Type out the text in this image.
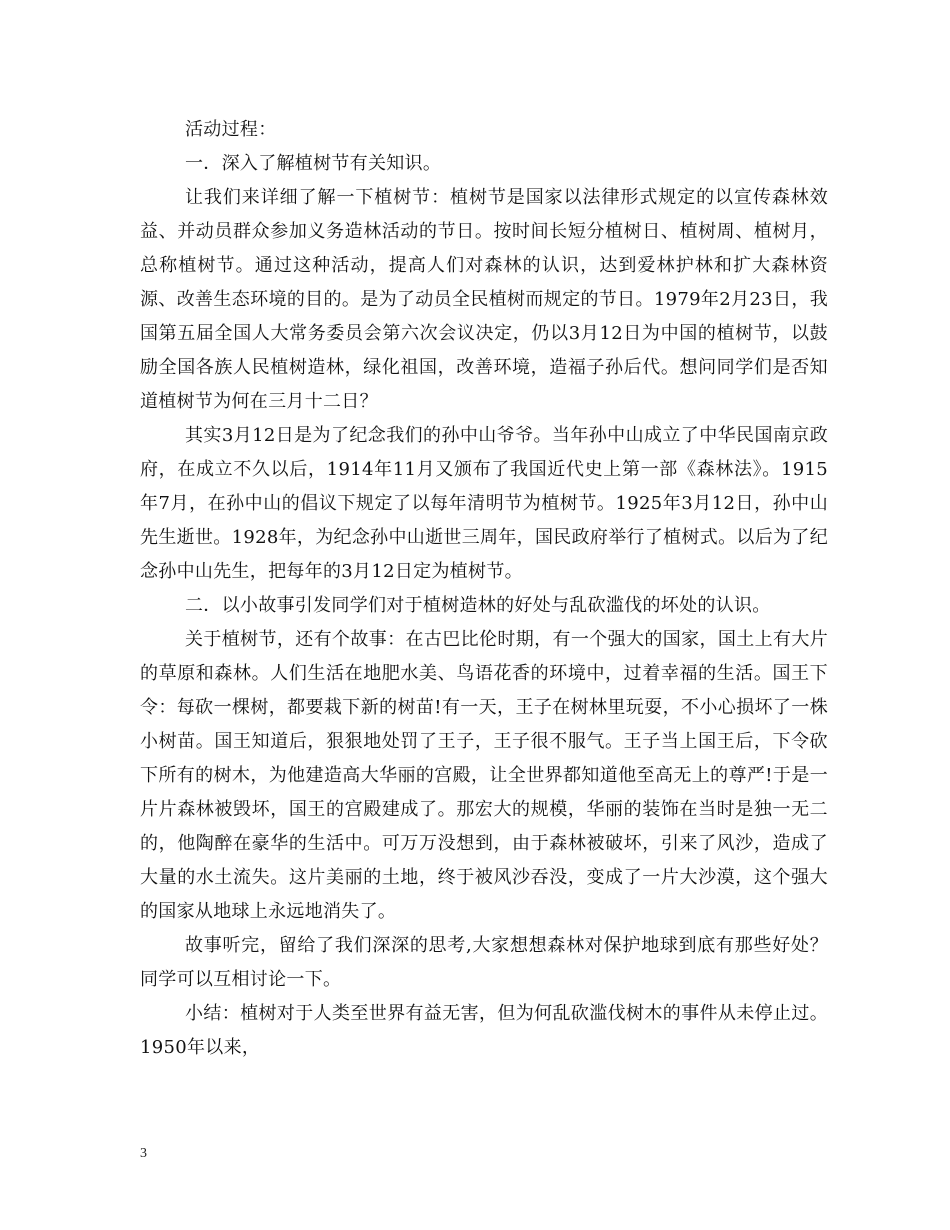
活动过程：

一．深入了解植树节有关知识。

让我们来详细了解一下植树节：植树节是国家以法律形式规定的以宣传森林效益、并动员群众参加义务造林活动的节日。按时间长短分植树日、植树周、植树月，总称植树节。通过这种活动，提高人们对森林的认识，达到爱林护林和扩大森林资源、改善生态环境的目的。是为了动员全民植树而规定的节日。1979年2月23日，我国第五届全国人大常务委员会第六次会议决定，仍以3月12日为中国的植树节，以鼓励全国各族人民植树造林，绿化祖国，改善环境，造福子孙后代。想问同学们是否知道植树节为何在三月十二日？

其实3月12日是为了纪念我们的孙中山爷爷。当年孙中山成立了中华民国南京政府，在成立不久以后，1914年11月又颁布了我国近代史上第一部《森林法》。1915年7月，在孙中山的倡议下规定了以每年清明节为植树节。1925年3月12日，孙中山先生逝世。1928年，为纪念孙中山逝世三周年，国民政府举行了植树式。以后为了纪念孙中山先生，把每年的3月12日定为植树节。

二．以小故事引发同学们对于植树造林的好处与乱砍滥伐的坏处的认识。

关于植树节，还有个故事：在古巴比伦时期，有一个强大的国家，国土上有大片的草原和森林。人们生活在地肥水美、鸟语花香的环境中，过着幸福的生活。国王下令：每砍一棵树，都要栽下新的树苗!有一天，王子在树林里玩耍，不小心损坏了一株小树苗。国王知道后，狠狠地处罚了王子，王子很不服气。王子当上国王后，下令砍下所有的树木，为他建造高大华丽的宫殿，让全世界都知道他至高无上的尊严!于是一片片森林被毁坏，国王的宫殿建成了。那宏大的规模，华丽的装饰在当时是独一无二的，他陶醉在豪华的生活中。可万万没想到，由于森林被破坏，引来了风沙，造成了大量的水土流失。这片美丽的土地，终于被风沙吞没，变成了一片大沙漠，这个强大的国家从地球上永远地消失了。

故事听完，留给了我们深深的思考,大家想想森林对保护地球到底有那些好处？同学可以互相讨论一下。

小结：植树对于人类至世界有益无害，但为何乱砍滥伐树木的事件从未停止过。1950年以来，

3
